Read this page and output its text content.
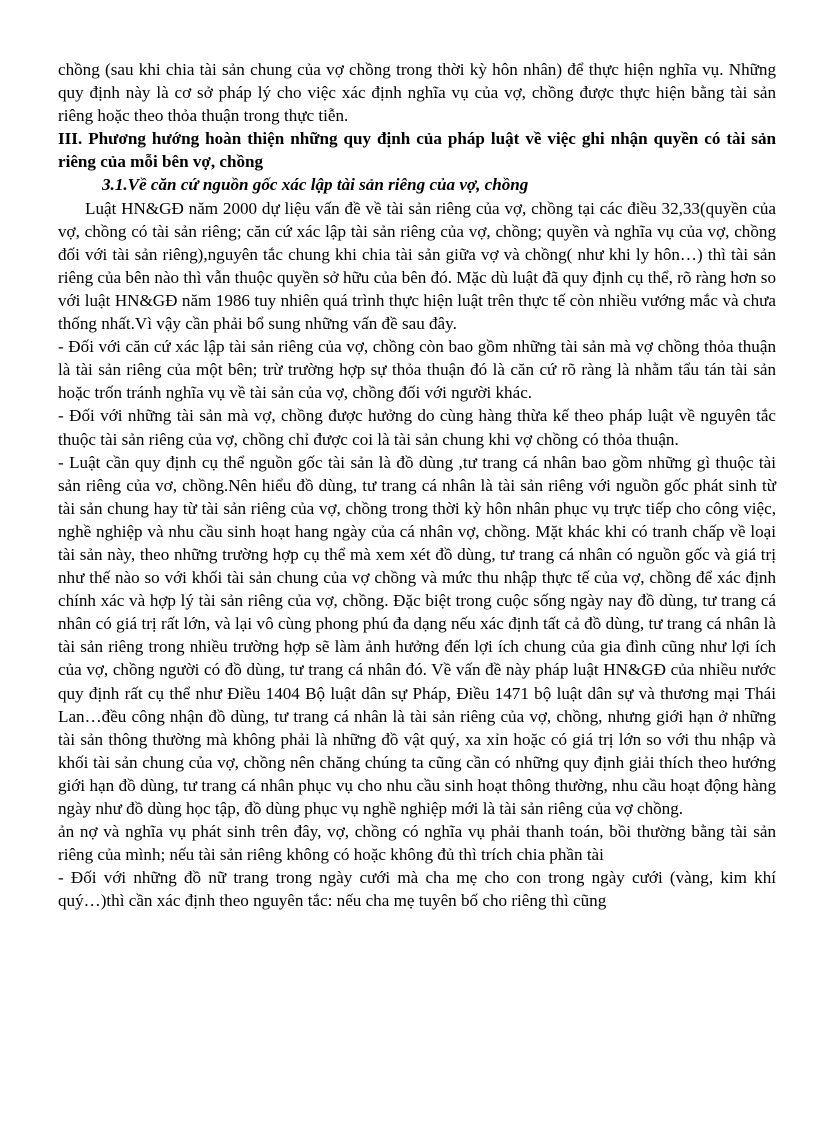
chồng (sau khi chia tài sản chung của vợ chồng trong thời kỳ hôn nhân) để thực hiện nghĩa vụ. Những quy định này là cơ sở pháp lý cho việc xác định nghĩa vụ của vợ, chồng được thực hiện bằng tài sản riêng hoặc theo thỏa thuận trong thực tiễn.

III. Phương hướng hoàn thiện những quy định của pháp luật về việc ghi nhận quyền có tài sản riêng của mỗi bên vợ, chồng

3.1.Về căn cứ nguồn gốc xác lập tài sản riêng của vợ, chồng

Luật HN&GĐ năm 2000 dự liệu vấn đề về tài sản riêng của vợ, chồng tại các điều 32,33(quyền của vợ, chồng có tài sản riêng; căn cứ xác lập tài sản riêng của vợ, chồng; quyền và nghĩa vụ của vợ, chồng đối với tài sản riêng),nguyên tắc chung khi chia tài sản giữa vợ và chồng( như khi ly hôn…) thì tài sản riêng của bên nào thì vẫn thuộc quyền sở hữu của bên đó. Mặc dù luật đã quy định cụ thể, rõ ràng hơn so với luật HN&GĐ năm 1986 tuy nhiên quá trình thực hiện luật trên thực tế còn nhiều vướng mắc và chưa thống nhất.Vì vậy cần phải bổ sung những vấn đề sau đây.

- Đối với căn cứ xác lập tài sản riêng của vợ, chồng còn bao gồm những tài sản mà vợ chồng thỏa thuận là tài sản riêng của một bên; trừ trường hợp sự thỏa thuận đó là căn cứ rõ ràng là nhằm tẩu tán tài sản hoặc trốn tránh nghĩa vụ về tài sản của vợ, chồng đối với người khác.

- Đối với những tài sản mà vợ, chồng được hưởng do cùng hàng thừa kế theo pháp luật về nguyên tắc thuộc tài sản riêng của vợ, chồng chỉ được coi là tài sản chung khi vợ chồng có thỏa thuận.

- Luật cần quy định cụ thể nguồn gốc tài sản là đồ dùng ,tư trang cá nhân bao gồm những gì thuộc tài sản riêng của vơ, chồng.Nên hiểu đồ dùng, tư trang cá nhân là tài sản riêng với nguồn gốc phát sinh từ tài sản chung hay từ tài sản riêng của vợ, chồng trong thời kỳ hôn nhân phục vụ trực tiếp cho công việc, nghề nghiệp và nhu cầu sinh hoạt hang ngày của cá nhân vợ, chồng. Mặt khác khi có tranh chấp về loại tài sản này, theo những trường hợp cụ thể mà xem xét đồ dùng, tư trang cá nhân có nguồn gốc và giá trị như thế nào so với khối tài sản chung của vợ chồng và mức thu nhập thực tế của vợ, chồng để xác định chính xác và hợp lý tài sản riêng của vợ, chồng. Đặc biệt trong cuộc sống ngày nay đồ dùng, tư trang cá nhân có giá trị rất lớn, và lại vô cùng phong phú đa dạng nếu xác định tất cả đồ dùng, tư trang cá nhân là tài sản riêng trong nhiều trường hợp sẽ làm ảnh hưởng đến lợi ích chung của gia đình cũng như lợi ích của vợ, chồng người có đồ dùng, tư trang cá nhân đó. Về vấn đề này pháp luật HN&GĐ của nhiều nước quy định rất cụ thể như Điều 1404 Bộ luật dân sự Pháp, Điều 1471 bộ luật dân sự và thương mại Thái Lan…đều công nhận đồ dùng, tư trang cá nhân là tài sản riêng của vợ, chồng, nhưng giới hạn ở những tài sản thông thường mà không phải là những đồ vật quý, xa xỉn hoặc có giá trị lớn so với thu nhập và khối tài sản chung của vợ, chồng nên chăng chúng ta cũng cần có những quy định giải thích theo hướng giới hạn đồ dùng, tư trang cá nhân phục vụ cho nhu cầu sinh hoạt thông thường, nhu cầu hoạt động hàng ngày như đồ dùng học tập, đồ dùng phục vụ nghề nghiệp mới là tài sản riêng của vợ chồng.

ản nợ và nghĩa vụ phát sinh trên đây, vợ, chồng có nghĩa vụ phải thanh toán, bồi thường bằng tài sản riêng của mình; nếu tài sản riêng không có hoặc không đủ thì trích chia phần tài

- Đối với những đồ nữ trang trong ngày cưới mà cha mẹ cho con trong ngày cưới (vàng, kim khí quý…)thì cần xác định theo nguyên tắc: nếu cha mẹ tuyên bố cho riêng thì cũng
